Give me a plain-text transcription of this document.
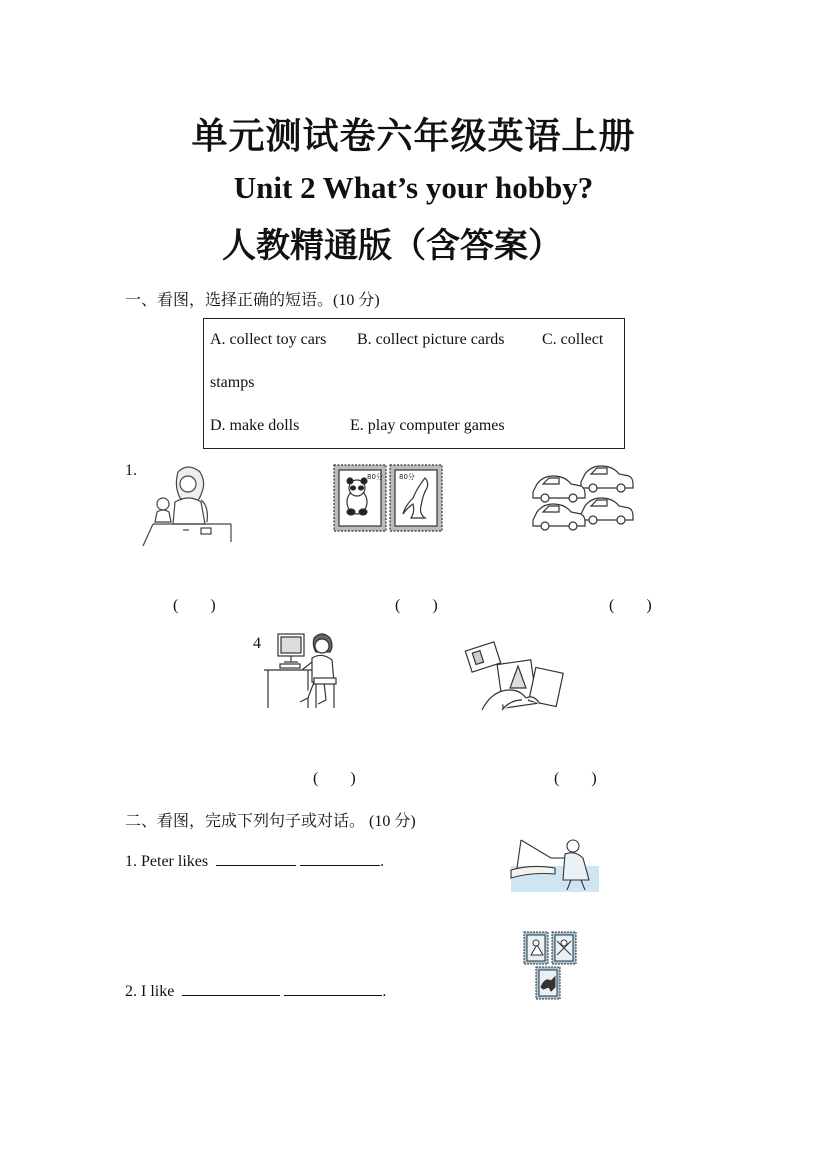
单元测试卷六年级英语上册
Unit 2 What’s your hobby?
人教精通版（含答案）
一、看图，选择正确的短语。(10 分)
A. collect toy cars B. collect picture cards C. collect
stamps
D. make dolls	E. play computer games
1.	80分 80分
(　　)	(　　)	(　　)
4
(　　)	(　　)
二、看图，完成下列句子或对话。 (10 分)
1. Peter likes	.
2. I like	.
